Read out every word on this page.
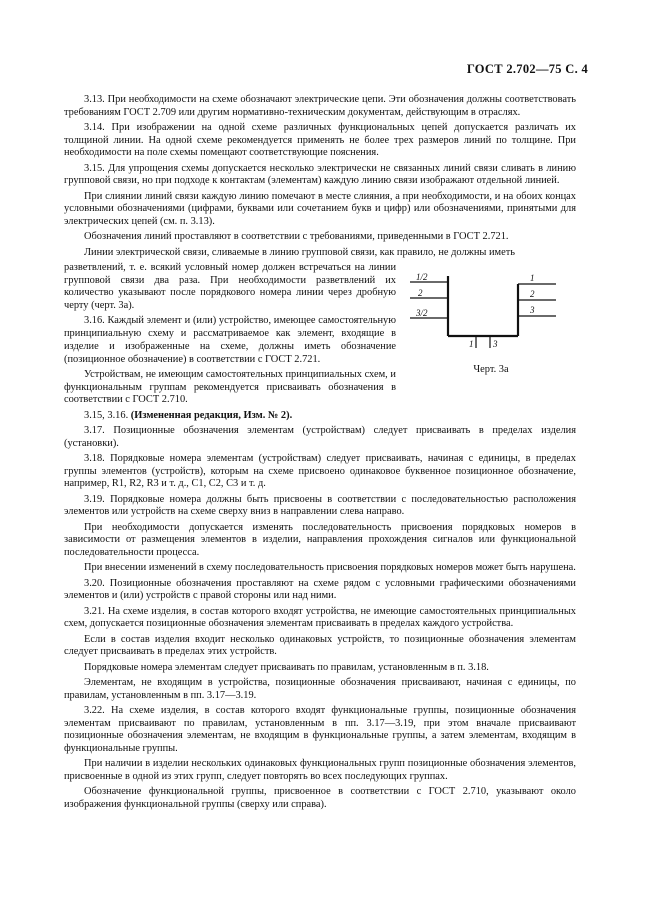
ГОСТ 2.702—75 С. 4

3.13. При необходимости на схеме обозначают электрические цепи. Эти обозначения должны соответствовать требованиям ГОСТ 2.709 или другим нормативно-техническим документам, действующим в отраслях.

3.14. При изображении на одной схеме различных функциональных цепей допускается различать их толщиной линии. На одной схеме рекомендуется применять не более трех размеров линий по толщине. При необходимости на поле схемы помещают соответствующие пояснения.

3.15. Для упрощения схемы допускается несколько электрически не связанных линий связи сливать в линию групповой связи, но при подходе к контактам (элементам) каждую линию связи изображают отдельной линией.

При слиянии линий связи каждую линию помечают в месте слияния, а при необходимости, и на обоих концах условными обозначениями (цифрами, буквами или сочетанием букв и цифр) или обозначениями, принятыми для электрических цепей (см. п. 3.13).

Обозначения линий проставляют в соответствии с требованиями, приведенными в ГОСТ 2.721.

Линии электрической связи, сливаемые в линию групповой связи, как правило, не должны иметь

разветвлений, т. е. всякий условный номер должен встречаться на линии групповой связи два раза. При необходимости разветвлений их количество указывают после порядкового номера линии через дробную черту (черт. 3а).

3.16. Каждый элемент и (или) устройство, имеющее самостоятельную принципиальную схему и рассматриваемое как элемент, входящие в изделие и изображенные на схеме, должны иметь обозначение (позиционное обозначение) в соответствии с ГОСТ 2.721.

Устройствам, не имеющим самостоятельных принципиальных схем, и функциональным группам рекомендуется присваивать обозначения в соответствии с ГОСТ 2.710.

1/2
2
3/2
1
2
3
1 3
Черт. 3а

3.15, 3.16. (Измененная редакция, Изм. № 2).

3.17. Позиционные обозначения элементам (устройствам) следует присваивать в пределах изделия (установки).

3.18. Порядковые номера элементам (устройствам) следует присваивать, начиная с единицы, в пределах группы элементов (устройств), которым на схеме присвоено одинаковое буквенное позиционное обозначение, например, R1, R2, R3 и т. д., C1, C2, C3 и т. д.

3.19. Порядковые номера должны быть присвоены в соответствии с последовательностью расположения элементов или устройств на схеме сверху вниз в направлении слева направо.

При необходимости допускается изменять последовательность присвоения порядковых номеров в зависимости от размещения элементов в изделии, направления прохождения сигналов или функциональной последовательности процесса.

При внесении изменений в схему последовательность присвоения порядковых номеров может быть нарушена.

3.20. Позиционные обозначения проставляют на схеме рядом с условными графическими обозначениями элементов и (или) устройств с правой стороны или над ними.

3.21. На схеме изделия, в состав которого входят устройства, не имеющие самостоятельных принципиальных схем, допускается позиционные обозначения элементам присваивать в пределах каждого устройства.

Если в состав изделия входит несколько одинаковых устройств, то позиционные обозначения элементам следует присваивать в пределах этих устройств.

Порядковые номера элементам следует присваивать по правилам, установленным в п. 3.18.

Элементам, не входящим в устройства, позиционные обозначения присваивают, начиная с единицы, по правилам, установленным в пп. 3.17—3.19.

3.22. На схеме изделия, в состав которого входят функциональные группы, позиционные обозначения элементам присваивают по правилам, установленным в пп. 3.17—3.19, при этом вначале присваивают позиционные обозначения элементам, не входящим в функциональные группы, а затем элементам, входящим в функциональные группы.

При наличии в изделии нескольких одинаковых функциональных групп позиционные обозначения элементов, присвоенные в одной из этих групп, следует повторять во всех последующих группах.

Обозначение функциональной группы, присвоенное в соответствии с ГОСТ 2.710, указывают около изображения функциональной группы (сверху или справа).
